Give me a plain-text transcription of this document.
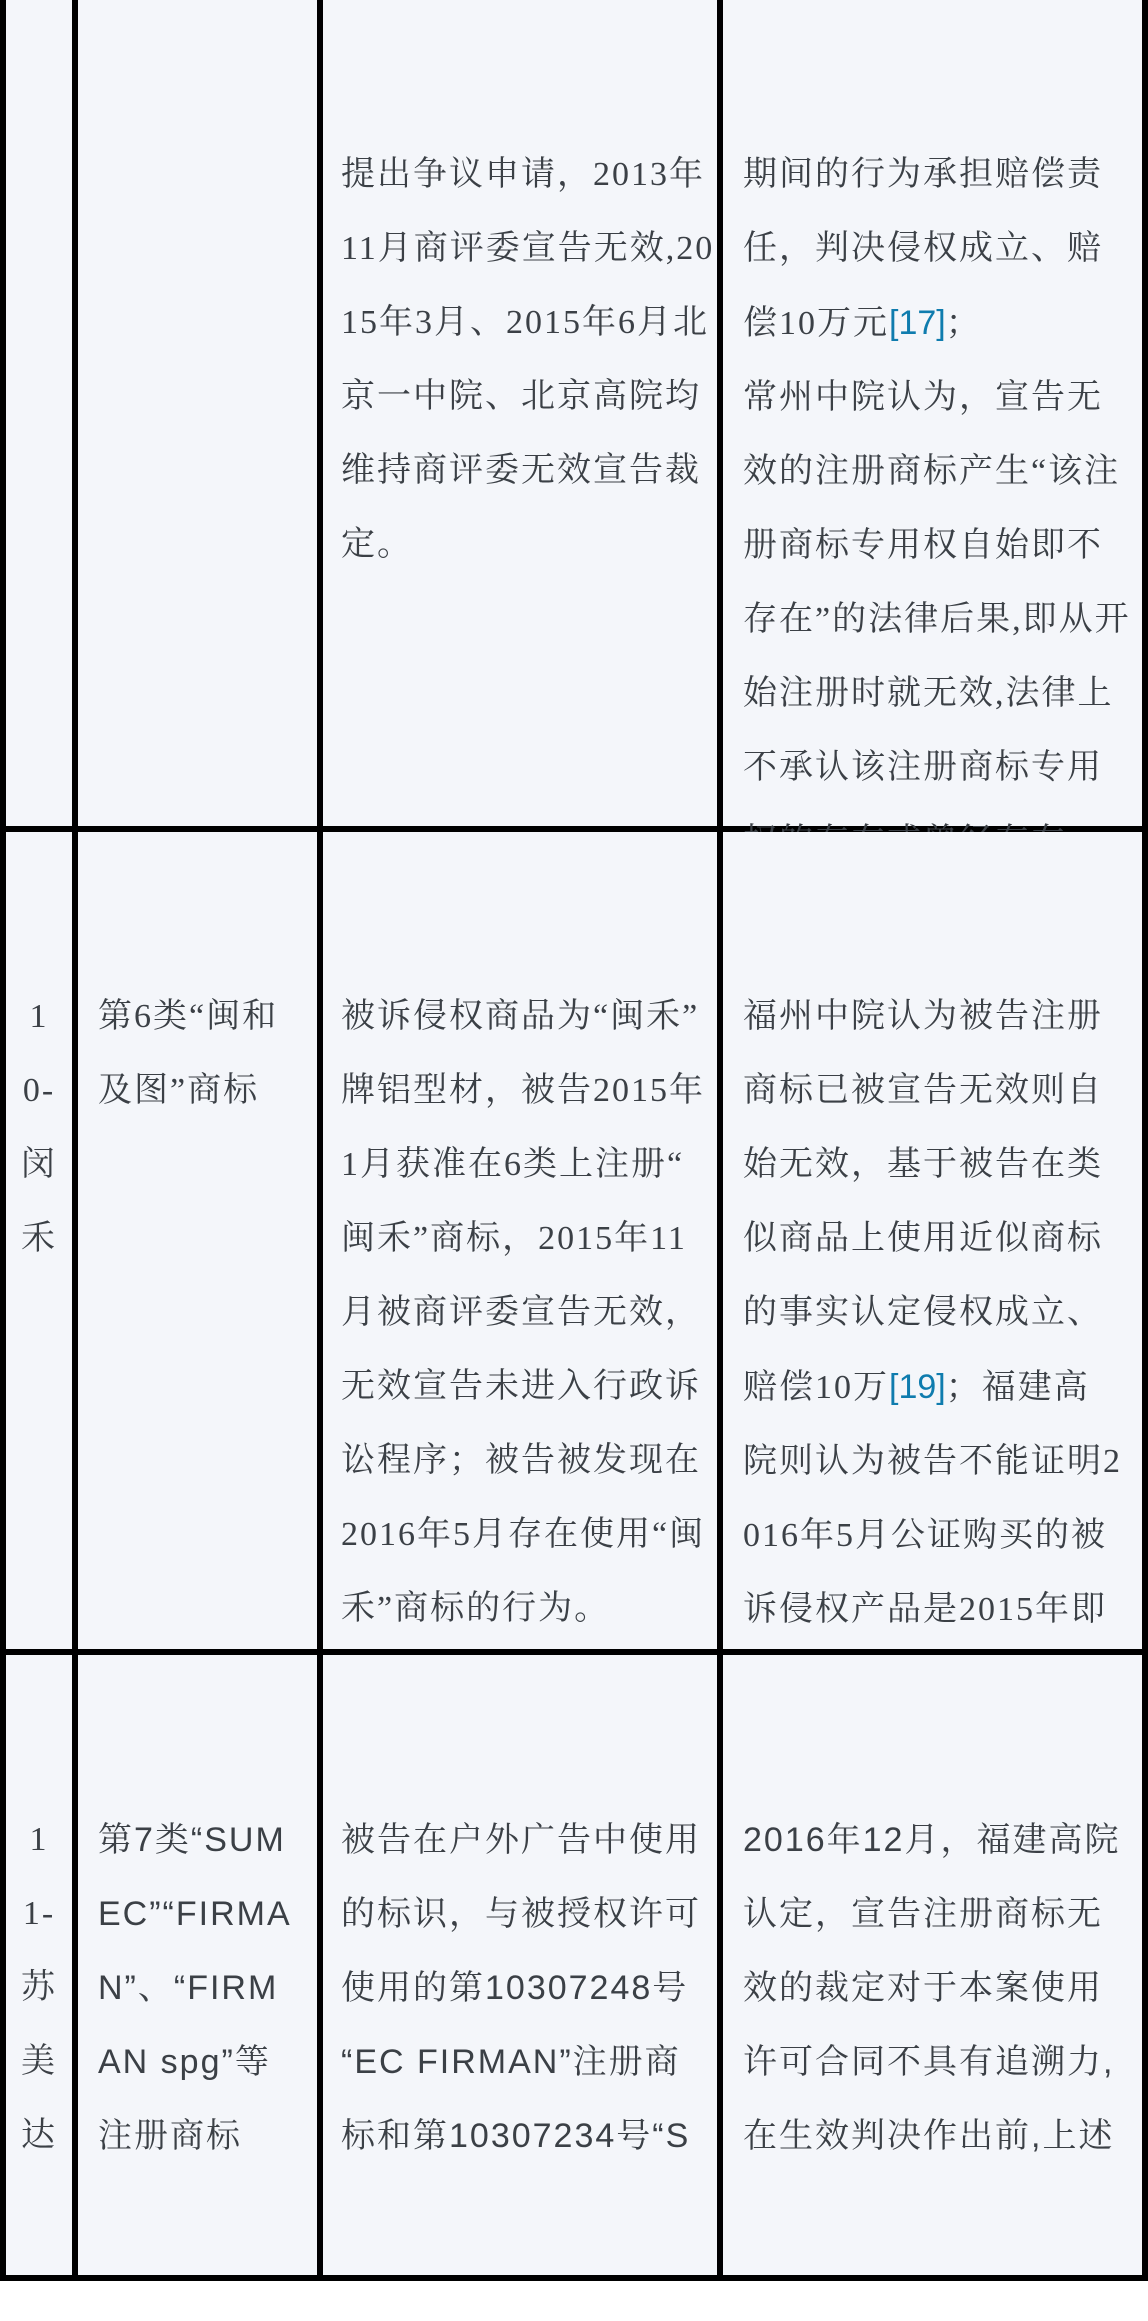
提出争议申请，2013年
11月商评委宣告无效,20
15年3月、2015年6月北
京一中院、北京高院均
维持商评委无效宣告裁
定。

期间的行为承担赔偿责
任，判决侵权成立、赔
偿10万元[17]；
常州中院认为，宣告无
效的注册商标产生“该注
册商标专用权自始即不
存在”的法律后果,即从开
始注册时就无效,法律上
不承认该注册商标专用

1
0-
闵
禾

第6类“闽和
及图”商标

被诉侵权商品为“闽禾”
牌铝型材，被告2015年
1月获准在6类上注册“
闽禾”商标，2015年11
月被商评委宣告无效，
无效宣告未进入行政诉
讼程序；被告被发现在
2016年5月存在使用“闽
禾”商标的行为。

福州中院认为被告注册
商标已被宣告无效则自
始无效，基于被告在类
似商品上使用近似商标
的事实认定侵权成立、
赔偿10万[19]；福建高
院则认为被告不能证明2
016年5月公证购买的被
诉侵权产品是2015年即

1
1-
苏
美
达

第7类“SUM
EC”“FIRMA
N”、“FIRM
AN spg”等
注册商标

被告在户外广告中使用
的标识，与被授权许可
使用的第10307248号
“EC FIRMAN”注册商
标和第10307234号“S

2016年12月，福建高院
认定，宣告注册商标无
效的裁定对于本案使用
许可合同不具有追溯力,
在生效判决作出前,上述
